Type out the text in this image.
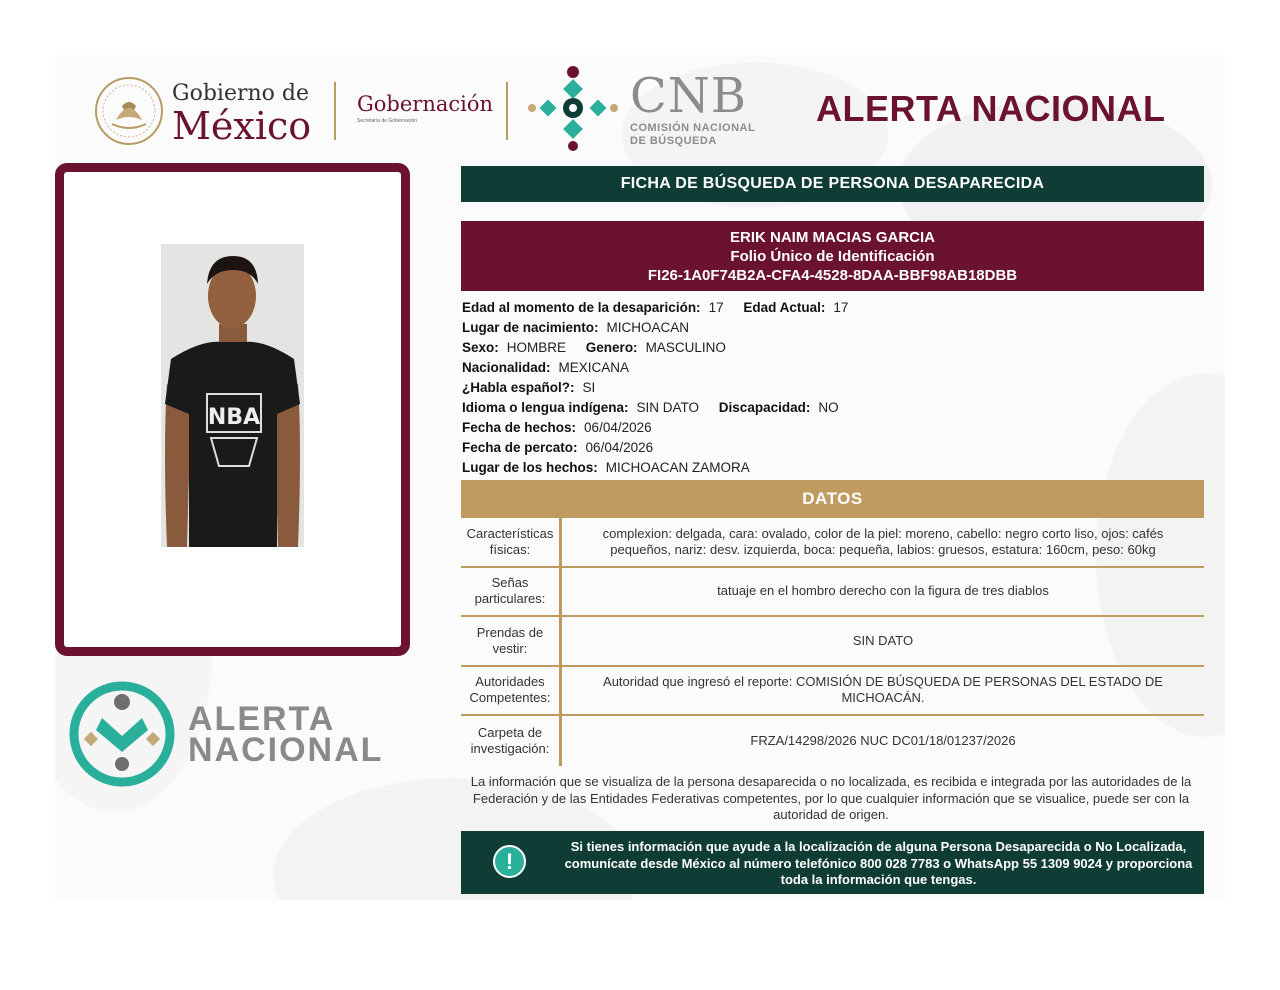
Gobierno de
México	Gobernación
Secretaría de Gobernación	CNB
COMISIÓN NACIONAL
DE BÚSQUEDA
ALERTA NACIONAL
NBA
ALERTA
NACIONAL
FICHA DE BÚSQUEDA DE PERSONA DESAPARECIDA
ERIK NAIM MACIAS GARCIA
Folio Único de Identificación
FI26-1A0F74B2A-CFA4-4528-8DAA-BBF98AB18DBB
Edad al momento de la desaparición: 17 Edad Actual: 17
Lugar de nacimiento: MICHOACAN
Sexo: HOMBRE Genero: MASCULINO
Nacionalidad: MEXICANA
¿Habla español?: SI
Idioma o lengua indígena: SIN DATO Discapacidad: NO
Fecha de hechos: 06/04/2026
Fecha de percato: 06/04/2026
Lugar de los hechos: MICHOACAN ZAMORA
DATOS
Características físicas:
complexion: delgada, cara: ovalado, color de la piel: moreno, cabello: negro corto liso, ojos: cafés pequeños, nariz: desv. izquierda, boca: pequeña, labios: gruesos, estatura: 160cm, peso: 60kg
Señas particulares:
tatuaje en el hombro derecho con la figura de tres diablos
Prendas de vestir:
SIN DATO
Autoridades Competentes:
Autoridad que ingresó el reporte: COMISIÓN DE BÚSQUEDA DE PERSONAS DEL ESTADO DE MICHOACÁN.
Carpeta de investigación:
FRZA/14298/2026 NUC DC01/18/01237/2026
La información que se visualiza de la persona desaparecida o no localizada, es recibida e integrada por las autoridades de la Federación y de las Entidades Federativas competentes, por lo que cualquier información que se visualice, puede ser con la autoridad de origen.
!
Si tienes información que ayude a la localización de alguna Persona Desaparecida o No Localizada, comunícate desde México al número telefónico 800 028 7783 o WhatsApp 55 1309 9024 y proporciona toda la información que tengas.
